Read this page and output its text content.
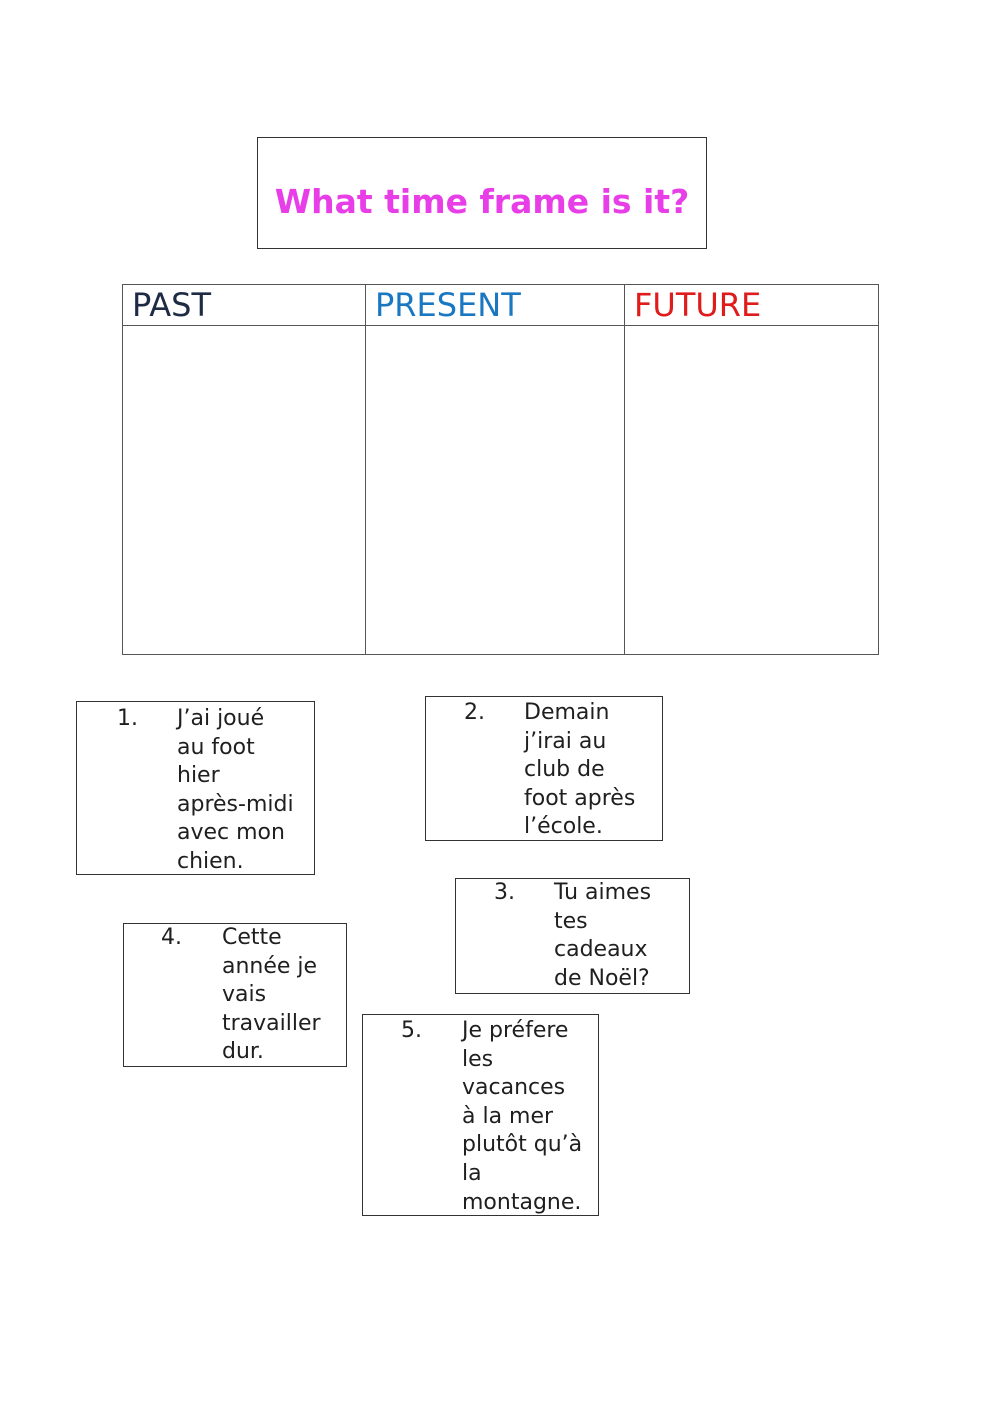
What time frame is it?
PAST	PRESENT	FUTURE

1. J’ai joué
au foot
hier
après-midi
avec mon
chien.
2. Demain
j’irai au
club de
foot après
l’école.
3. Tu aimes
tes
cadeaux
de Noël?
4. Cette
année je
vais
travailler
dur.
5. Je préfere
les
vacances
à la mer
plutôt qu’à
la
montagne.
